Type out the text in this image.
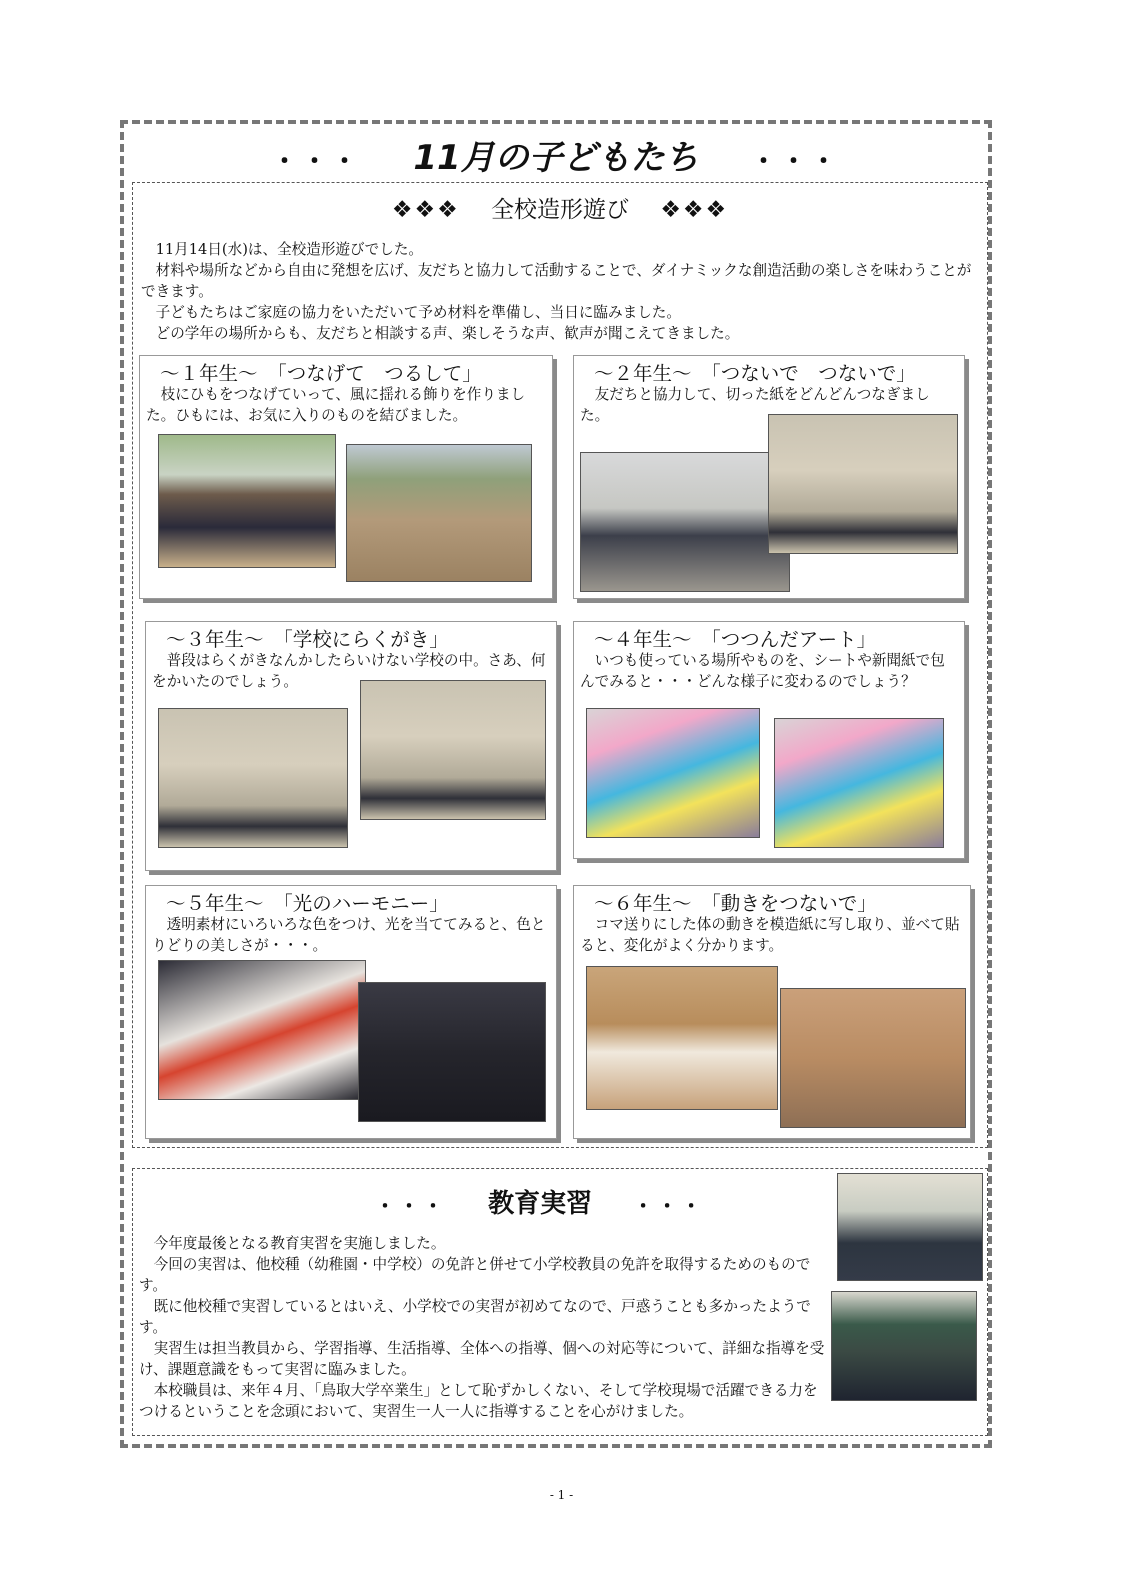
・・・ 11月の子どもたち ・・・
❖❖❖ 全校造形遊び ❖❖❖

　11月14日(水)は、全校造形遊びでした。

　材料や場所などから自由に発想を広げ、友だちと協力して活動することで、ダイナミックな創造活動の楽しさを味わうことができます。

　子どもたちはご家庭の協力をいただいて予め材料を準備し、当日に臨みました。

　どの学年の場所からも、友だちと相談する声、楽しそうな声、歓声が聞こえてきました。

～１年生～　「つなげて　つるして」
　枝にひもをつなげていって、風に揺れる飾りを作りました。ひもには、お気に入りのものを結びました。
～２年生～　「つないで　つないで」
　友だちと協力して、切った紙をどんどんつなぎました。
～３年生～　「学校にらくがき」
　普段はらくがきなんかしたらいけない学校の中。さあ、何をかいたのでしょう。
～４年生～　「つつんだアート」
　いつも使っている場所やものを、シートや新聞紙で包んでみると・・・どんな様子に変わるのでしょう？
～５年生～　「光のハーモニー」
　透明素材にいろいろな色をつけ、光を当ててみると、色とりどりの美しさが・・・。
～６年生～　「動きをつないで」
　コマ送りにした体の動きを模造紙に写し取り、並べて貼ると、変化がよく分かります。
・・・ 教育実習 ・・・

　今年度最後となる教育実習を実施しました。

　今回の実習は、他校種（幼稚園・中学校）の免許と併せて小学校教員の免許を取得するためのものです。

　既に他校種で実習しているとはいえ、小学校での実習が初めてなので、戸惑うことも多かったようです。

　実習生は担当教員から、学習指導、生活指導、全体への指導、個への対応等について、詳細な指導を受け、課題意識をもって実習に臨みました。

　本校職員は、来年４月、「鳥取大学卒業生」として恥ずかしくない、そして学校現場で活躍できる力をつけるということを念頭において、実習生一人一人に指導することを心がけました。

- 1 -
